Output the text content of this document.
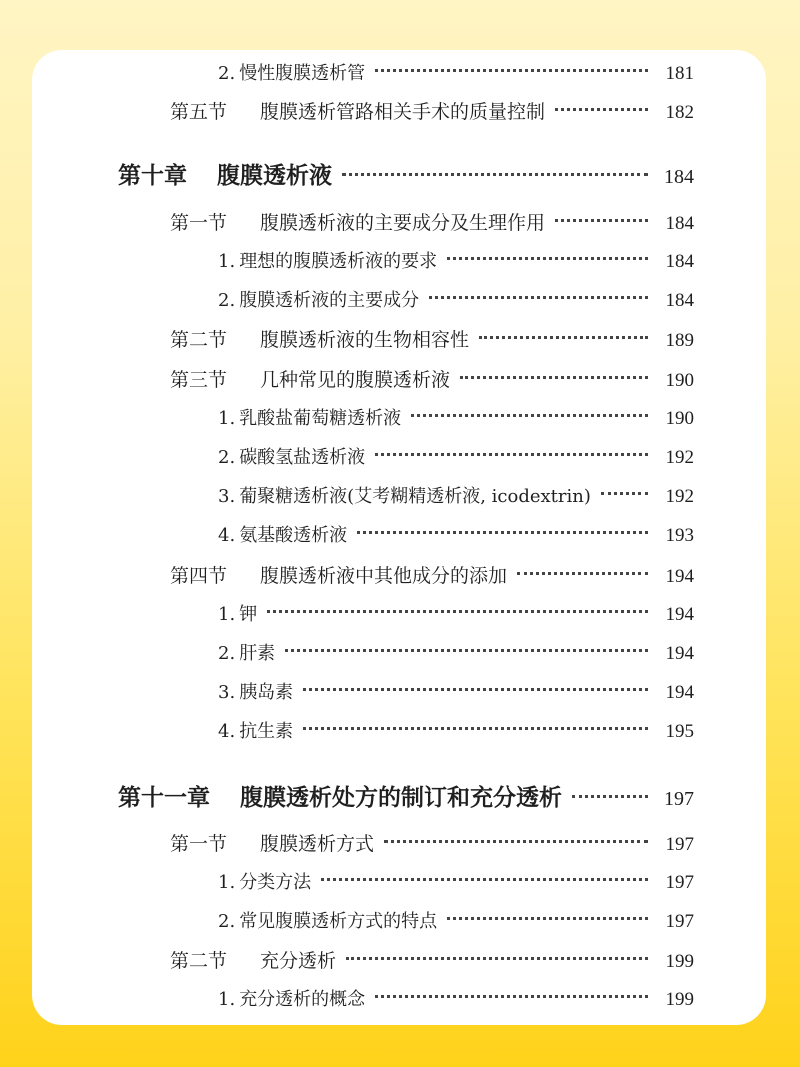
2. 慢性腹膜透析管	181
第五节 腹膜透析管路相关手术的质量控制	182
第十章 腹膜透析液	184
第一节 腹膜透析液的主要成分及生理作用	184
1. 理想的腹膜透析液的要求	184
2. 腹膜透析液的主要成分	184
第二节 腹膜透析液的生物相容性	189
第三节 几种常见的腹膜透析液	190
1. 乳酸盐葡萄糖透析液	190
2. 碳酸氢盐透析液	192
3. 葡聚糖透析液(艾考糊精透析液, icodextrin)	192
4. 氨基酸透析液	193
第四节 腹膜透析液中其他成分的添加	194
1. 钾	194
2. 肝素	194
3. 胰岛素	194
4. 抗生素	195
第十一章 腹膜透析处方的制订和充分透析	197
第一节 腹膜透析方式	197
1. 分类方法	197
2. 常见腹膜透析方式的特点	197
第二节 充分透析	199
1. 充分透析的概念	199
